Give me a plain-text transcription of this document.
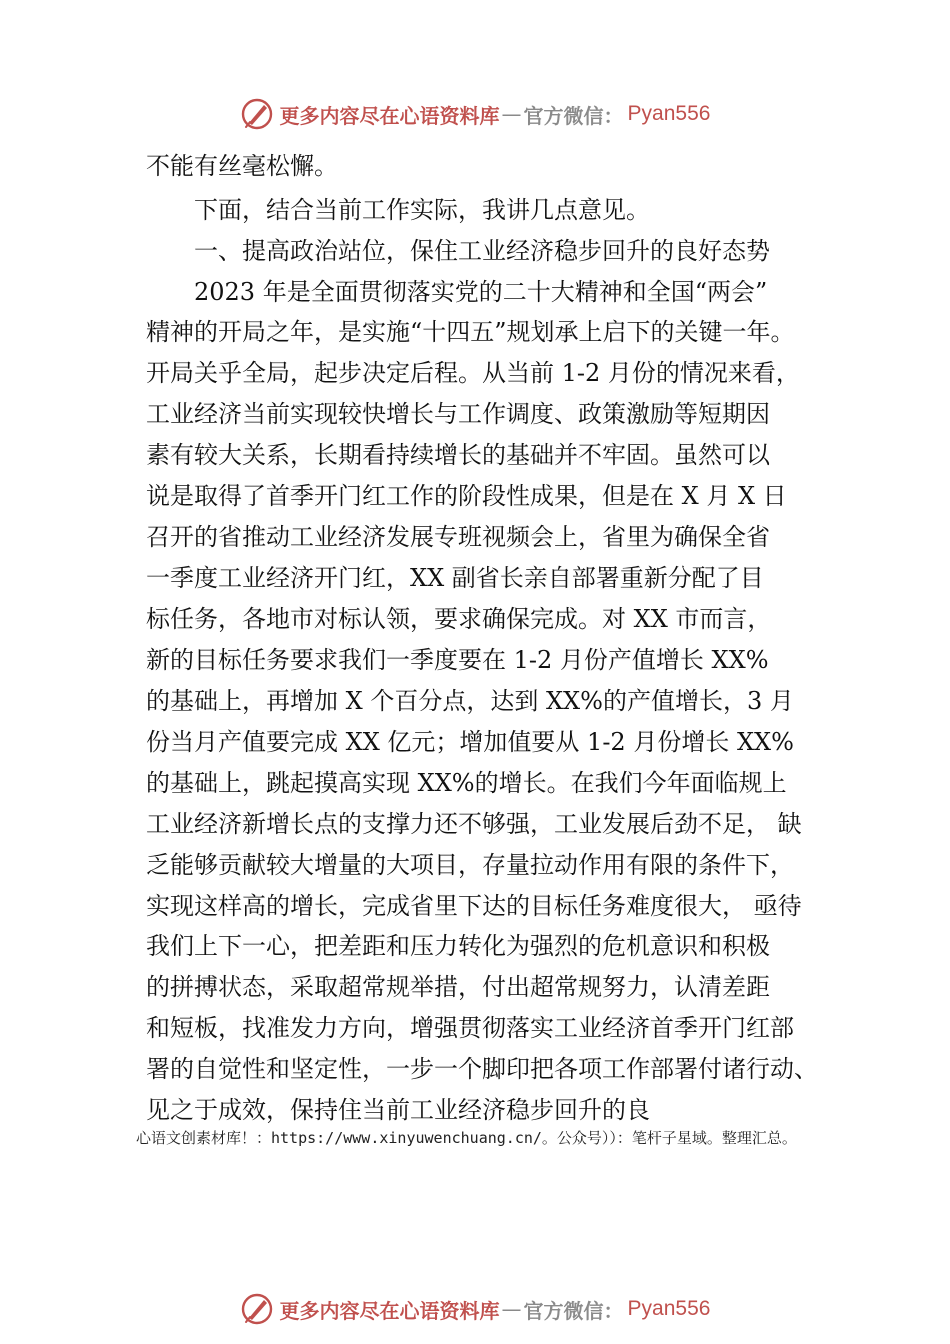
更多内容尽在心语资料库 — 官方微信： Pyan556
不能有丝毫松懈。
下面，结合当前工作实际，我讲几点意见。
一、提高政治站位，保住工业经济稳步回升的良好态势
2023 年是全面贯彻落实党的二十大精神和全国“两会”
精神的开局之年，是实施“十四五”规划承上启下的关键一年。
开局关乎全局，起步决定后程。从当前 1-2 月份的情况来看，
工业经济当前实现较快增长与工作调度、政策激励等短期因
素有较大关系，长期看持续增长的基础并不牢固。虽然可以
说是取得了首季开门红工作的阶段性成果，但是在 X 月 X 日
召开的省推动工业经济发展专班视频会上，省里为确保全省
一季度工业经济开门红，XX 副省长亲自部署重新分配了目
标任务，各地市对标认领，要求确保完成。对 XX 市而言，
新的目标任务要求我们一季度要在 1-2 月份产值增长 XX%
的基础上，再增加 X 个百分点，达到 XX%的产值增长，3 月
份当月产值要完成 XX 亿元；增加值要从 1-2 月份增长 XX%
的基础上，跳起摸高实现 XX%的增长。在我们今年面临规上
工业经济新增长点的支撑力还不够强，工业发展后劲不足， 缺
乏能够贡献较大增量的大项目，存量拉动作用有限的条件下，
实现这样高的增长，完成省里下达的目标任务难度很大， 亟待
我们上下一心，把差距和压力转化为强烈的危机意识和积极
的拼搏状态，采取超常规举措，付出超常规努力，认清差距
和短板，找准发力方向，增强贯彻落实工业经济首季开门红部
署的自觉性和坚定性，一步一个脚印把各项工作部署付诸行动、
见之于成效，保持住当前工业经济稳步回升的良
心语文创素材库！：https://www.xinyuwenchuang.cn/。公众号））：笔杆子星域。整理汇总。
更多内容尽在心语资料库 — 官方微信： Pyan556
